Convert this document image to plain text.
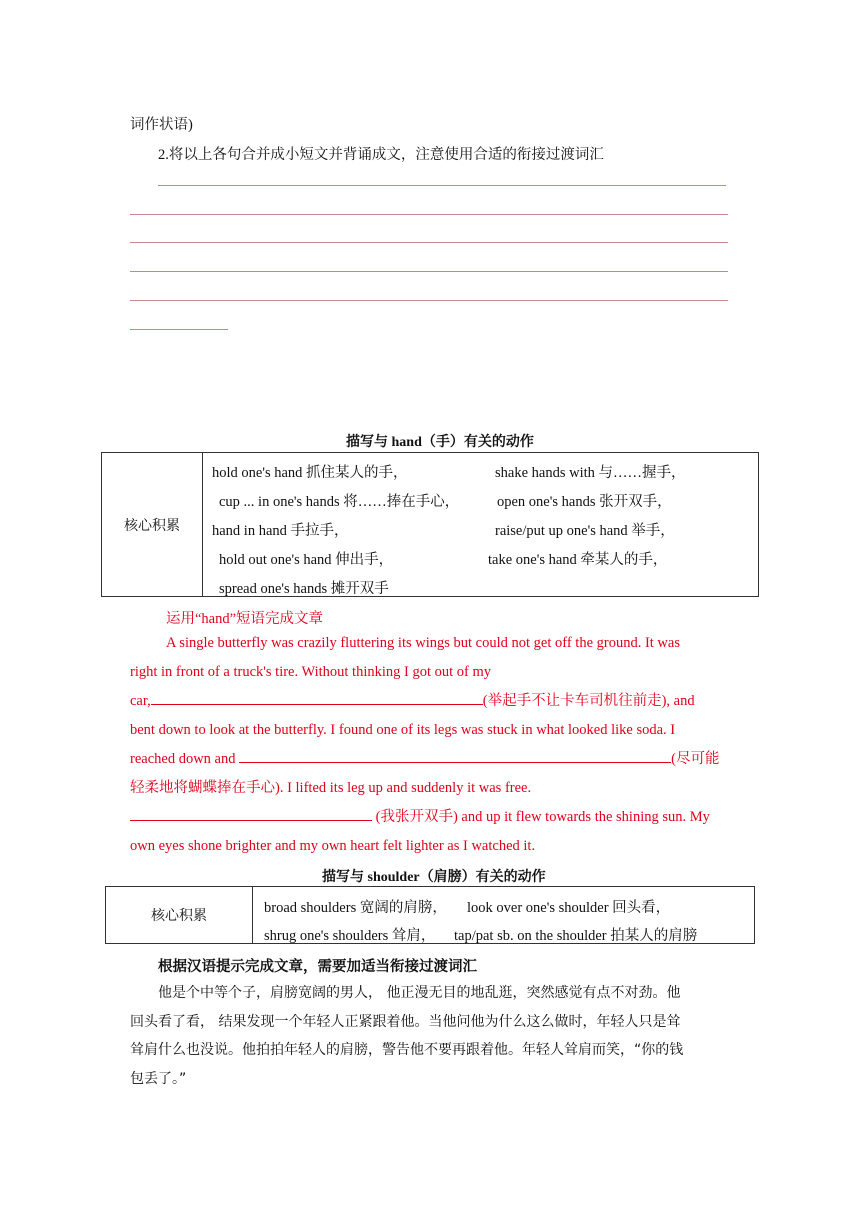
词作状语)
2.将以上各句合并成小短文并背诵成文，注意使用合适的衔接过渡词汇
描写与 hand（手）有关的动作
核心积累	
hold one's hand 抓住某人的手，	shake hands with 与……握手，
cup ... in one's hands 将……捧在手心，	open one's hands 张开双手，
hand in hand 手拉手，	raise/put up one's hand 举手，
hold out one's hand 伸出手，	take one's hand 牵某人的手，
spread one's hands 摊开双手
运用“hand”短语完成文章
A single butterfly was crazily fluttering its wings but could not get off the ground. It was
right in front of a truck's tire. Without thinking I got out of my
car,	(举起手不让卡车司机往前走), and
bent down to look at the butterfly. I found one of its legs was stuck in what looked like soda. I
reached down and	(尽可能
轻柔地将蝴蝶捧在手心). I lifted its leg up and suddenly it was free.
(我张开双手) and up it flew towards the shining sun. My
own eyes shone brighter and my own heart felt lighter as I watched it.
描写与 shoulder（肩膀）有关的动作
核心积累	
broad shoulders 宽阔的肩膀， look over one's shoulder 回头看，
shrug one's shoulders 耸肩， tap/pat sb. on the shoulder 拍某人的肩膀
根据汉语提示完成文章，需要加适当衔接过渡词汇
他是个中等个子，肩膀宽阔的男人， 他正漫无目的地乱逛，突然感觉有点不对劲。他
回头看了看， 结果发现一个年轻人正紧跟着他。当他问他为什么这么做时，年轻人只是耸
耸肩什么也没说。他拍拍年轻人的肩膀，警告他不要再跟着他。年轻人耸肩而笑，“你的钱
包丢了。”
